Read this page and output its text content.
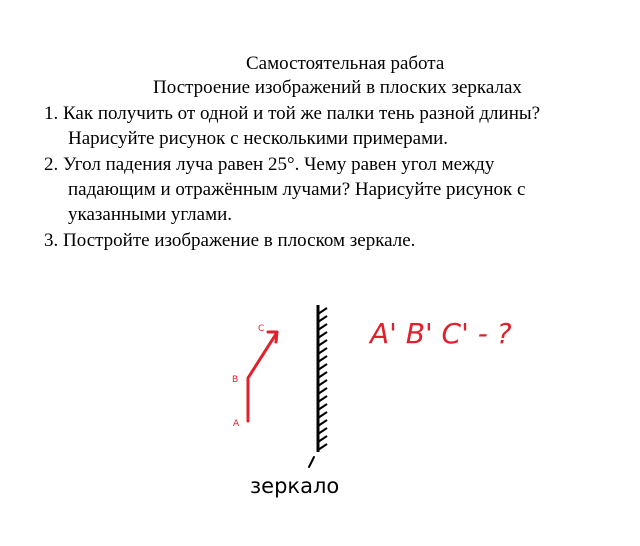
Самостоятельная работа
Построение изображений в плоских зеркалах
1. Как получить от одной и той же палки тень разной длины?
Нарисуйте рисунок с несколькими примерами.
2. Угол падения луча равен 25°. Чему равен угол между
падающим и отражённым лучами? Нарисуйте рисунок с
указанными углами.
3. Постройте изображение в плоском зеркале.
A
B
C	A' B' C' - ?
зеркало
